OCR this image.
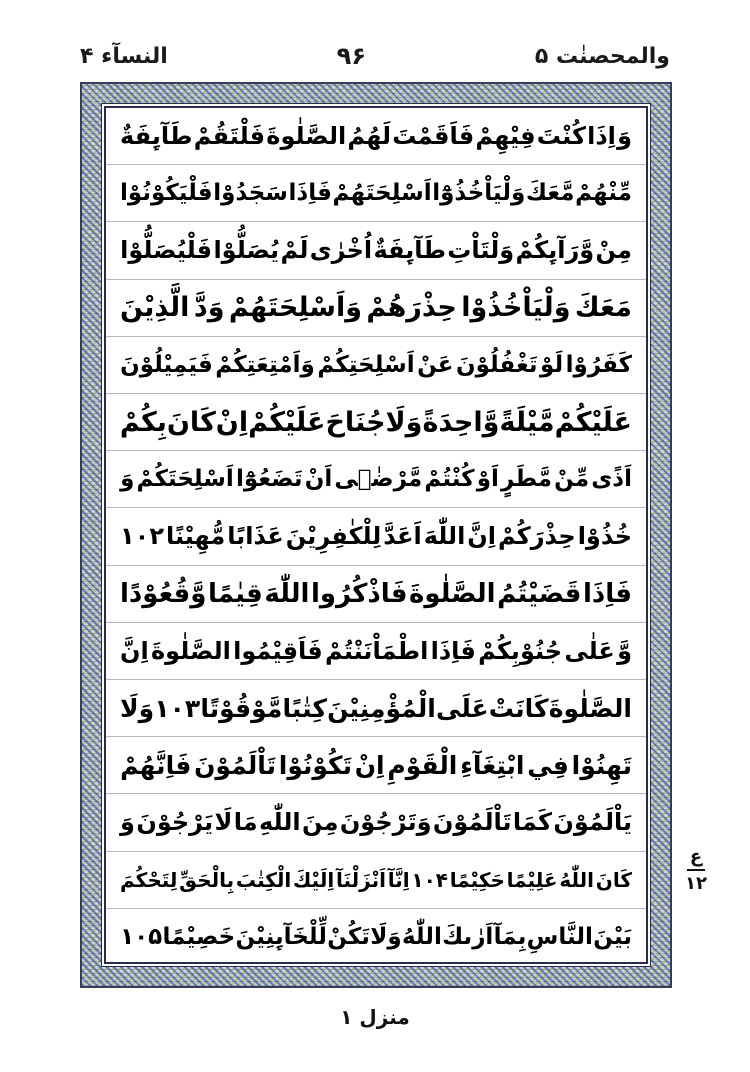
النسآء ۴	۹۶	والمحصنٰت ۵
وَ
اِذَا
كُنْتَ
فِيْهِمْ
فَاَقَمْتَ
لَهُمُ
الصَّلٰوةَ
فَلْتَقُمْ
طَآىِٕفَةٌ
مِّنْهُمْ
مَّعَكَ
وَلْيَاْخُذُوْٓا
اَسْلِحَتَهُمْ
فَاِذَا
سَجَدُوْا
فَلْيَكُوْنُوْا
مِنْ
وَّرَآىِٕكُمْ
وَلْتَاْتِ
طَآىِٕفَةٌ
اُخْرٰى
لَمْ
يُصَلُّوْا
فَلْيُصَلُّوْا
مَعَكَ
وَلْيَاْخُذُوْا
حِذْرَهُمْ
وَاَسْلِحَتَهُمْ
وَدَّ
الَّذِيْنَ
كَفَرُوْا
لَوْ
تَغْفُلُوْنَ
عَنْ
اَسْلِحَتِكُمْ
وَاَمْتِعَتِكُمْ
فَيَمِيْلُوْنَ
عَلَيْكُمْ
مَّيْلَةً
وَّاحِدَةً
وَلَا
جُنَاحَ
عَلَيْكُمْ
اِنْ
كَانَ
بِكُمْ
اَذًى
مِّنْ
مَّطَرٍ
اَوْ
كُنْتُمْ
مَّرْضٰۤى
اَنْ
تَضَعُوْٓا
اَسْلِحَتَكُمْ
وَ
خُذُوْا
حِذْرَكُمْ
اِنَّ
اللّٰهَ
اَعَدَّ
لِلْكٰفِرِيْنَ
عَذَابًا
مُّهِيْنًا
۱۰۲
فَاِذَا
قَضَيْتُمُ
الصَّلٰوةَ
فَاذْكُرُوا
اللّٰهَ
قِيٰمًا
وَّقُعُوْدًا
وَّ
عَلٰى
جُنُوْبِكُمْ
فَاِذَا
اطْمَاْنَنْتُمْ
فَاَقِيْمُوا
الصَّلٰوةَ
اِنَّ
الصَّلٰوةَ
كَانَتْ
عَلَى
الْمُؤْمِنِيْنَ
كِتٰبًا
مَّوْقُوْتًا
۱۰۳
وَلَا
تَهِنُوْا
فِي
ابْتِغَآءِ
الْقَوْمِ
اِنْ
تَكُوْنُوْا
تَاْلَمُوْنَ
فَاِنَّهُمْ
يَاْلَمُوْنَ
كَمَا
تَاْلَمُوْنَ
وَتَرْجُوْنَ
مِنَ
اللّٰهِ
مَا
لَا
يَرْجُوْنَ
وَ
كَانَ
اللّٰهُ
عَلِيْمًا
حَكِيْمًا
۱۰۴
اِنَّآ
اَنْزَلْنَآ
اِلَيْكَ
الْكِتٰبَ
بِالْحَقِّ
لِتَحْكُمَ
بَيْنَ
النَّاسِ
بِمَآ
اَرٰىكَ
اللّٰهُ
وَلَا
تَكُنْ
لِّلْخَآىِٕنِيْنَ
خَصِيْمًا
۱۰۵
ع
۱۲
منزل ۱
